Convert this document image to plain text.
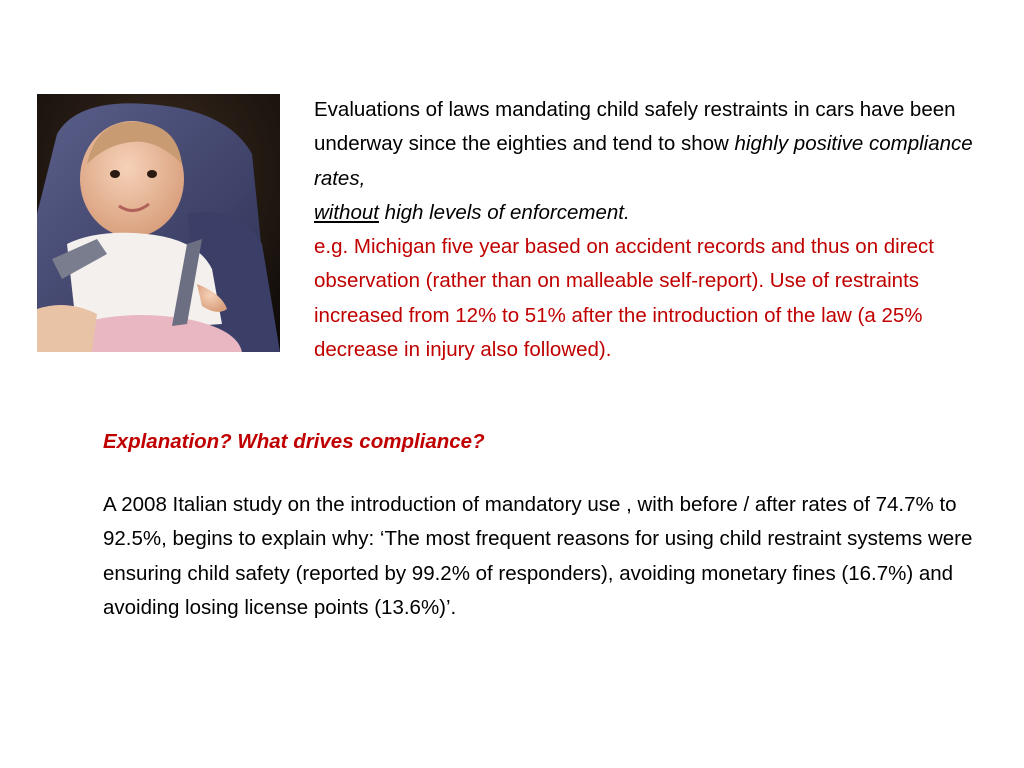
Evaluations of laws mandating child safely restraints in cars have been underway since the eighties and tend to show highly positive compliance rates,
without high levels of enforcement.
e.g. Michigan five year based on accident records and thus on direct observation (rather than on malleable self-report). Use of restraints increased from 12% to 51% after the introduction of the law (a 25% decrease in injury also followed).

Explanation? What drives compliance?

A 2008 Italian study on the introduction of mandatory use , with before / after rates of 74.7% to 92.5%, begins to explain why: ‘The most frequent reasons for using child restraint systems were ensuring child safety (reported by 99.2% of responders), avoiding monetary fines (16.7%) and avoiding losing license points (13.6%)’.
